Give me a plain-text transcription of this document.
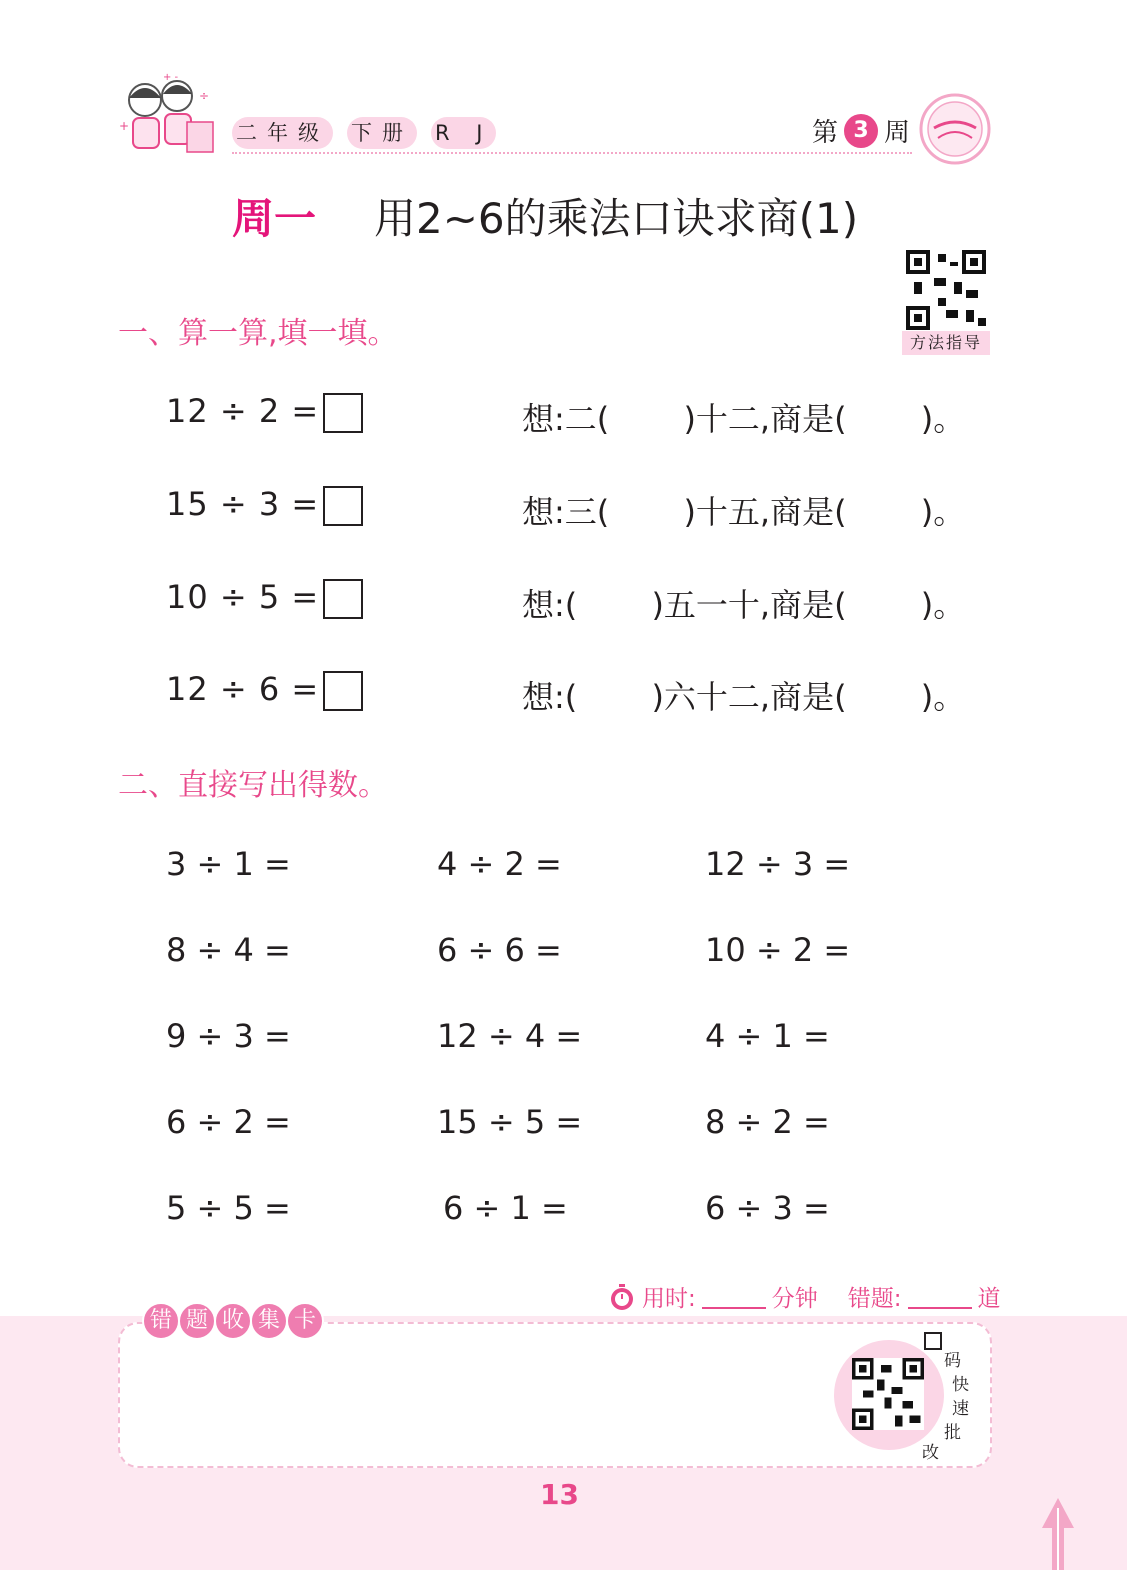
+ -
+
÷
二年级 下册 R J	第 3 周
周一 用2~6的乘法口诀求商(1)
方法指导
一、算一算,填一填。
12 ÷ 2 =	想:二(　　 )十二,商是(　　 )。
15 ÷ 3 =	想:三(　　 )十五,商是(　　 )。
10 ÷ 5 =	想:(　　 )五一十,商是(　　 )。
12 ÷ 6 =	想:(　　 )六十二,商是(　　 )。
二、直接写出得数。
3 ÷ 1 =	4 ÷ 2 =	12 ÷ 3 =
8 ÷ 4 =	6 ÷ 6 =	10 ÷ 2 =
9 ÷ 3 =	12 ÷ 4 =	4 ÷ 1 =
6 ÷ 2 =	15 ÷ 5 =	8 ÷ 2 =
5 ÷ 5 =	6 ÷ 1 =	6 ÷ 3 =
用时:	分钟 错题:	道
错 题 收 集 卡
码
快
速
批
改
13
